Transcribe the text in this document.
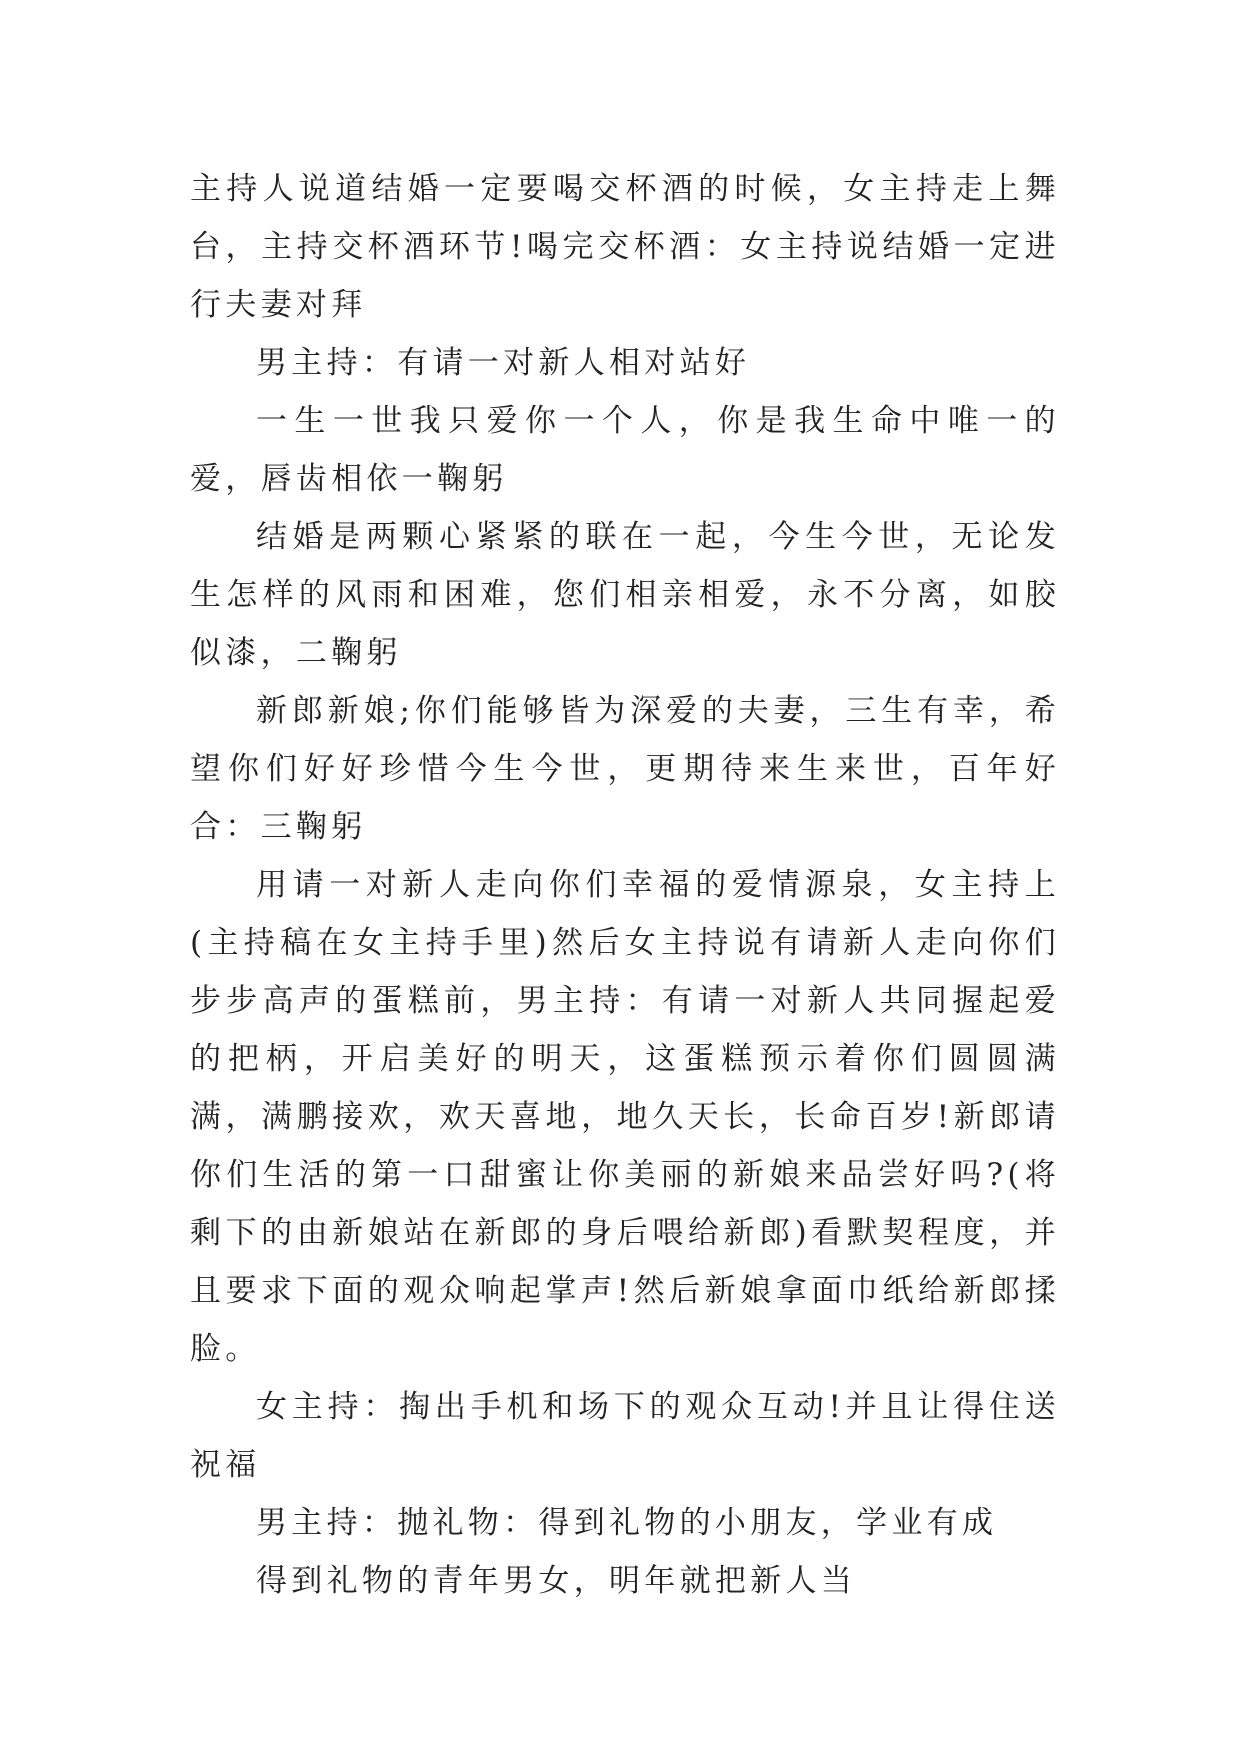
主持人说道结婚一定要喝交杯酒的时候，女主持走上舞台，主持交杯酒环节!喝完交杯酒：女主持说结婚一定进行夫妻对拜

男主持：有请一对新人相对站好

一生一世我只爱你一个人，你是我生命中唯一的爱，唇齿相依一鞠躬

结婚是两颗心紧紧的联在一起，今生今世，无论发生怎样的风雨和困难，您们相亲相爱，永不分离，如胶似漆，二鞠躬

新郎新娘;你们能够皆为深爱的夫妻，三生有幸，希望你们好好珍惜今生今世，更期待来生来世，百年好合：三鞠躬

用请一对新人走向你们幸福的爱情源泉，女主持上(主持稿在女主持手里)然后女主持说有请新人走向你们步步高声的蛋糕前，男主持：有请一对新人共同握起爱的把柄，开启美好的明天，这蛋糕预示着你们圆圆满满，满鹏接欢，欢天喜地，地久天长，长命百岁!新郎请你们生活的第一口甜蜜让你美丽的新娘来品尝好吗?(将剩下的由新娘站在新郎的身后喂给新郎)看默契程度，并且要求下面的观众响起掌声!然后新娘拿面巾纸给新郎揉脸。

女主持：掏出手机和场下的观众互动!并且让得住送祝福

男主持：抛礼物：得到礼物的小朋友，学业有成

得到礼物的青年男女，明年就把新人当
